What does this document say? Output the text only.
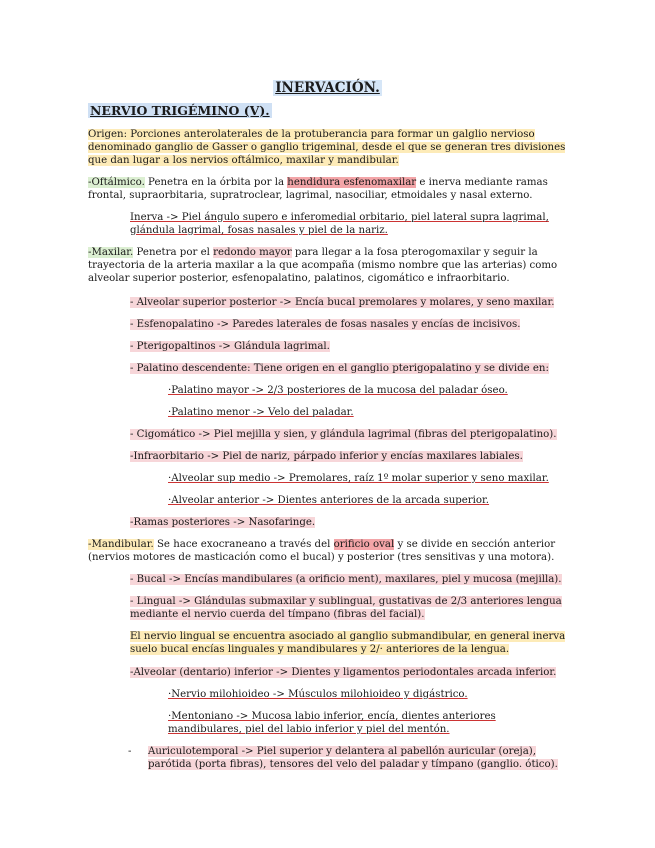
INERVACIÓN.
NERVIO TRIGÉMINO (V).
Origen: Porciones anterolaterales de la protuberancia para formar un galglio nervioso denominado ganglio de Gasser o ganglio trigeminal, desde el que se generan tres divisiones que dan lugar a los nervios oftálmico, maxilar y mandibular.
-Oftálmico. Penetra en la órbita por la hendidura esfenomaxilar e inerva mediante ramas frontal, supraorbitaria, supratroclear, lagrimal, nasociliar, etmoidales y nasal externo.
Inerva -> Piel ángulo supero e inferomedial orbitario, piel lateral supra lagrimal, glándula lagrimal, fosas nasales y piel de la nariz.
-Maxilar. Penetra por el redondo mayor para llegar a la fosa pterogomaxilar y seguir la trayectoria de la arteria maxilar a la que acompaña (mismo nombre que las arterias) como alveolar superior posterior, esfenopalatino, palatinos, cigomático e infraorbitario.
- Alveolar superior posterior -> Encía bucal premolares y molares, y seno maxilar.
- Esfenopalatino -> Paredes laterales de fosas nasales y encías de incisivos.
- Pterigopaltinos -> Glándula lagrimal.
- Palatino descendente: Tiene origen en el ganglio pterigopalatino y se divide en:
·Palatino mayor -> 2/3 posteriores de la mucosa del paladar óseo.
·Palatino menor -> Velo del paladar.
- Cigomático -> Piel mejilla y sien, y glándula lagrimal (fibras del pterigopalatino).
-Infraorbitario -> Piel de nariz, párpado inferior y encías maxilares labiales.
·Alveolar sup medio -> Premolares, raíz 1º molar superior y seno maxilar.
·Alveolar anterior -> Dientes anteriores de la arcada superior.
-Ramas posteriores -> Nasofaringe.
-Mandibular. Se hace exocraneano a través del orificio oval y se divide en sección anterior (nervios motores de masticación como el bucal) y posterior (tres sensitivas y una motora).
- Bucal -> Encías mandibulares (a orificio ment), maxilares, piel y mucosa (mejilla).
- Lingual -> Glándulas submaxilar y sublingual, gustativas de 2/3 anteriores lengua mediante el nervio cuerda del tímpano (fibras del facial).
El nervio lingual se encuentra asociado al ganglio submandibular, en general inerva suelo bucal encías linguales y mandibulares y 2/· anteriores de la lengua.
-Alveolar (dentario) inferior -> Dientes y ligamentos periodontales arcada inferior.
·Nervio milohioideo -> Músculos milohioideo y digástrico.
·Mentoniano -> Mucosa labio inferior, encía, dientes anteriores mandibulares, piel del labio inferior y piel del mentón.
-	Auriculotemporal -> Piel superior y delantera al pabellón auricular (oreja), parótida (porta fibras), tensores del velo del paladar y tímpano (ganglio. ótico).
